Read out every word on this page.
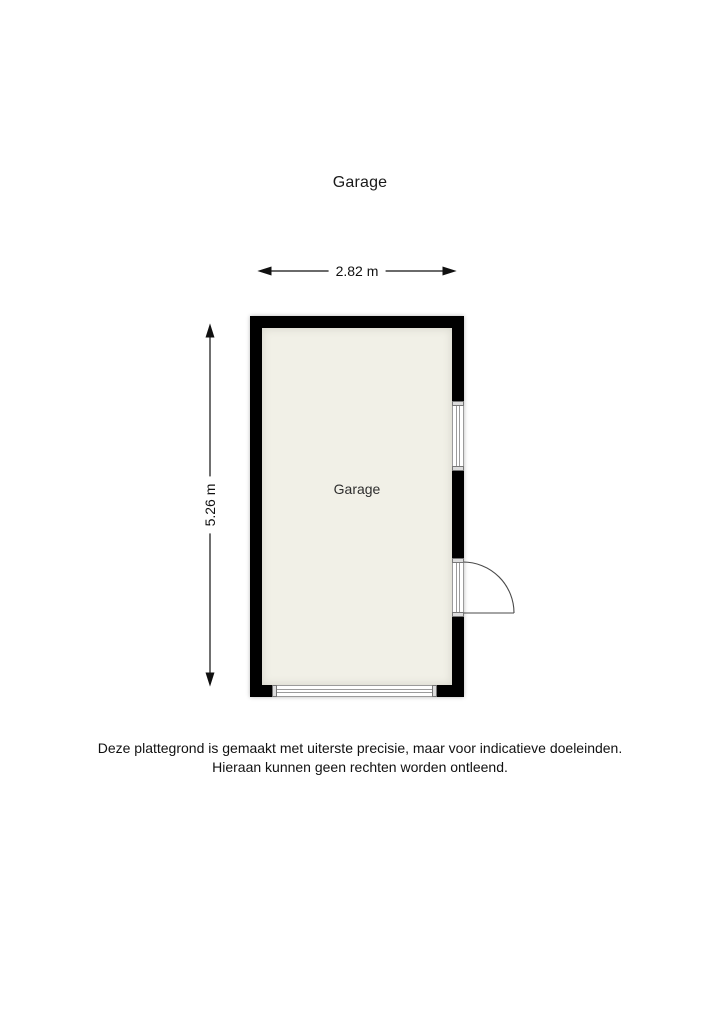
Garage
2.82 m
5.26 m	Garage
Deze plattegrond is gemaakt met uiterste precisie, maar voor indicatieve doeleinden.
Hieraan kunnen geen rechten worden ontleend.
